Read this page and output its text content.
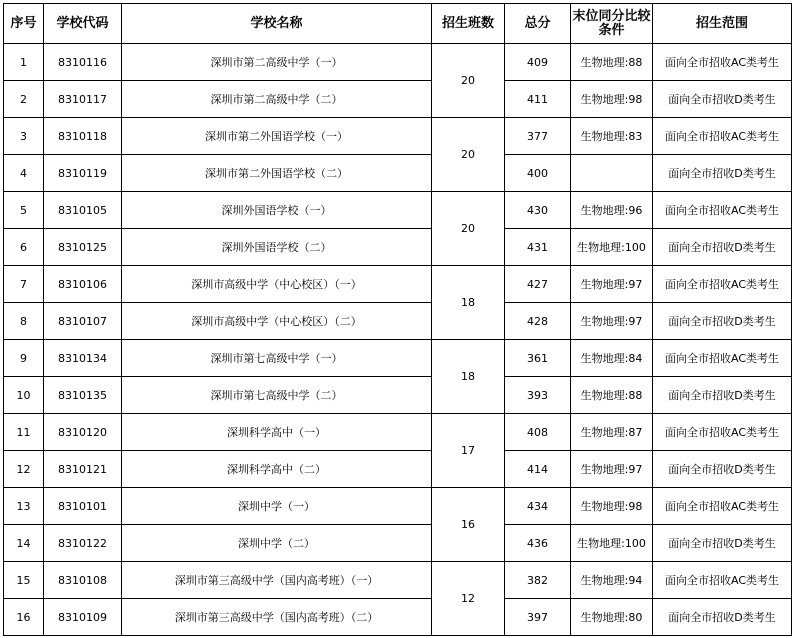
序号	学校代码	学校名称	招生班数	总分	末位同分比较条件	招生范围
1	8310116	深圳市第二高级中学（一）	20	409	生物地理:88	面向全市招收AC类考生
2	8310117	深圳市第二高级中学（二）		411	生物地理:98	面向全市招收D类考生
3	8310118	深圳市第二外国语学校（一）	20	377	生物地理:83	面向全市招收AC类考生
4	8310119	深圳市第二外国语学校（二）		400		面向全市招收D类考生
5	8310105	深圳外国语学校（一）	20	430	生物地理:96	面向全市招收AC类考生
6	8310125	深圳外国语学校（二）		431	生物地理:100	面向全市招收D类考生
7	8310106	深圳市高级中学（中心校区）（一）	18	427	生物地理:97	面向全市招收AC类考生
8	8310107	深圳市高级中学（中心校区）（二）		428	生物地理:97	面向全市招收D类考生
9	8310134	深圳市第七高级中学（一）	18	361	生物地理:84	面向全市招收AC类考生
10	8310135	深圳市第七高级中学（二）		393	生物地理:88	面向全市招收D类考生
11	8310120	深圳科学高中（一）	17	408	生物地理:87	面向全市招收AC类考生
12	8310121	深圳科学高中（二）		414	生物地理:97	面向全市招收D类考生
13	8310101	深圳中学（一）	16	434	生物地理:98	面向全市招收AC类考生
14	8310122	深圳中学（二）		436	生物地理:100	面向全市招收D类考生
15	8310108	深圳市第三高级中学（国内高考班）（一）	12	382	生物地理:94	面向全市招收AC类考生
16	8310109	深圳市第三高级中学（国内高考班）（二）		397	生物地理:80	面向全市招收D类考生
